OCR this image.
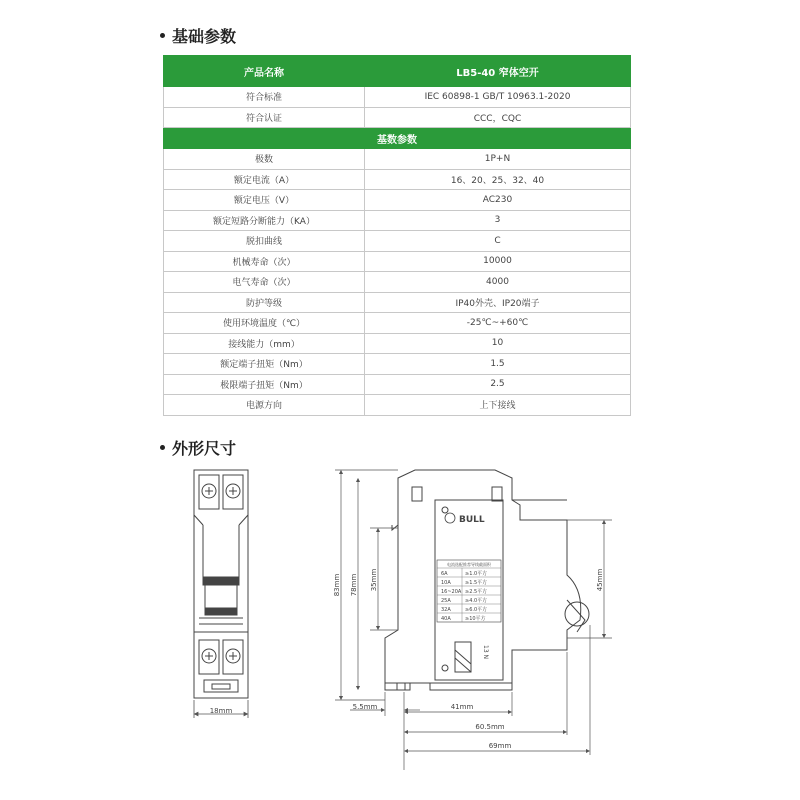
基础参数
产品名称	LB5-40 窄体空开
符合标准	IEC 60898-1 GB/T 10963.1-2020
符合认证	CCC，CQC
基数参数	
极数	1P+N
额定电流（A）	16、20、25、32、40
额定电压（V）	AC230
额定短路分断能力（KA）	3
脱扣曲线	C
机械寿命（次）	10000
电气寿命（次）	4000
防护等级	IP40外壳、IP20端子
使用环境温度（℃）	-25℃~+60℃
接线能力（mm）	10
额定端子扭矩（Nm）	1.5
极限端子扭矩（Nm）	2.5
电源方向	上下接线
外形尺寸
18mm
BULL
电流选配推荐导线截面积
6A	≥1.0平方
10A	≥1.5平方
16~20A ≥2.5平方
25A	≥4.0平方
32A	≥6.0平方
40A	≥10平方
13 N
83mm 78mm 35mm	45mm
5.5mm	41mm
60.5mm
69mm
